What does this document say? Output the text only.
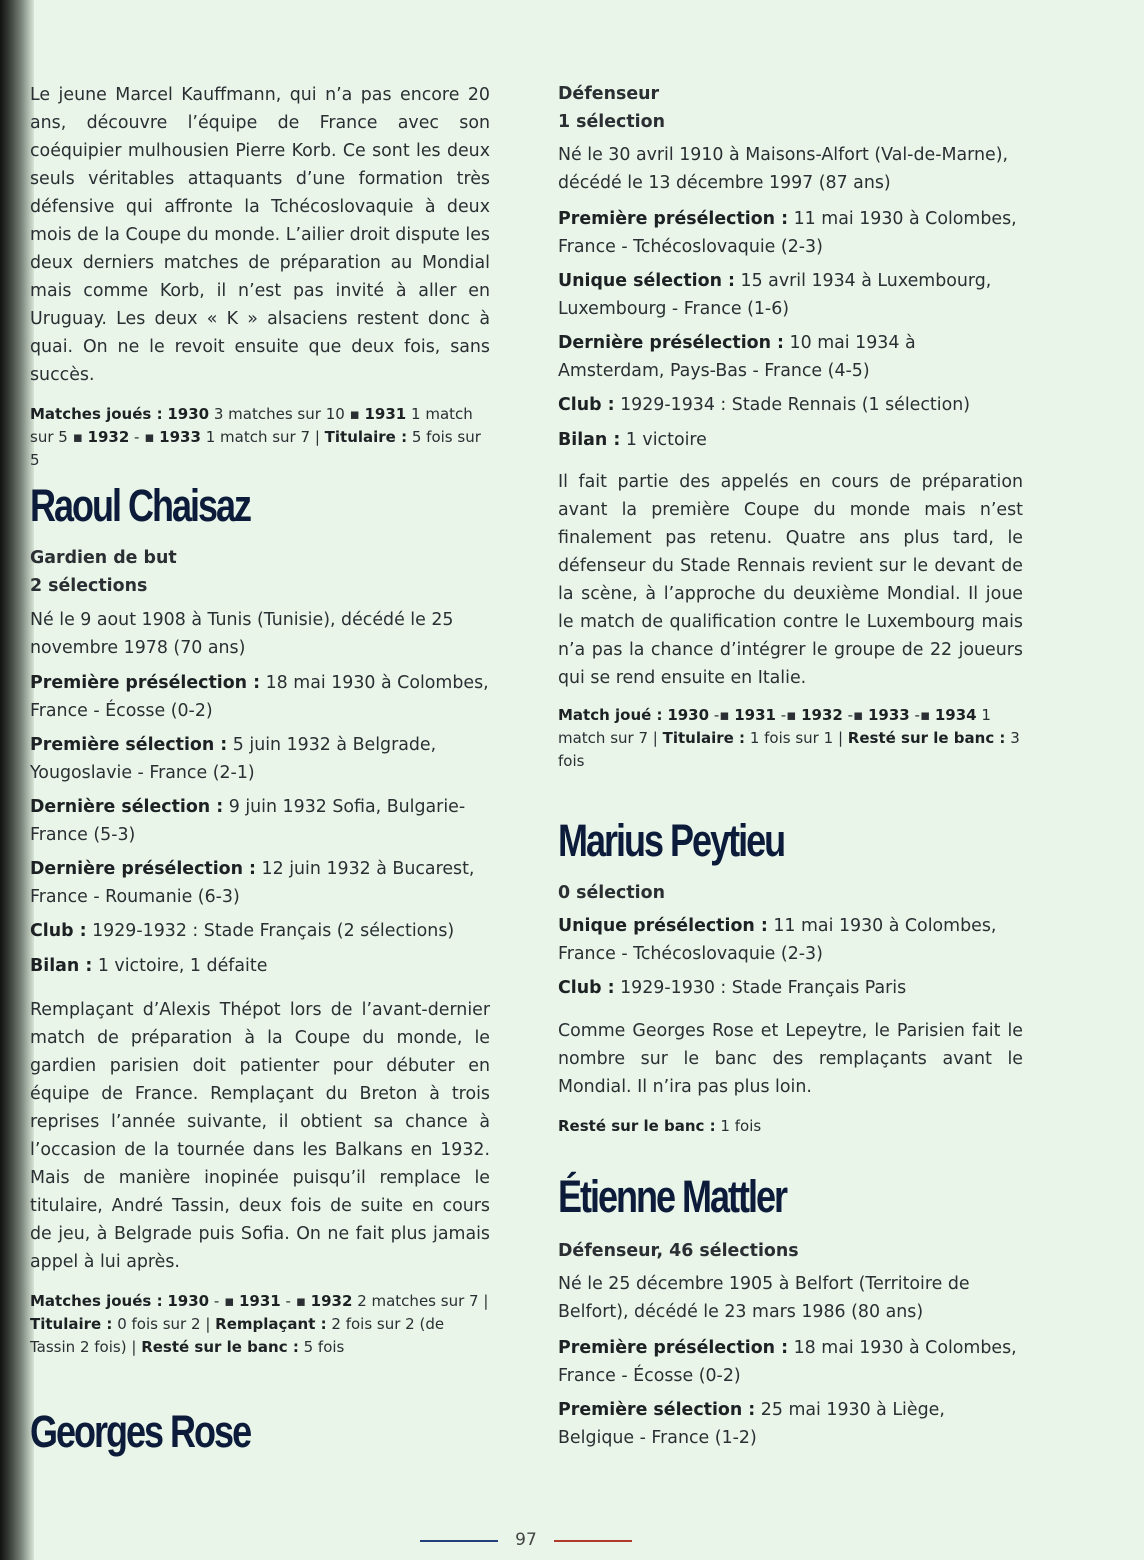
Le jeune Marcel Kauffmann, qui n’a pas encore 20 ans, découvre l’équipe de France avec son coéquipier mulhousien Pierre Korb. Ce sont les deux seuls véritables attaquants d’une formation très défensive qui affronte la Tchécoslovaquie à deux mois de la Coupe du monde. L’ailier droit dispute les deux derniers matches de préparation au Mondial mais comme Korb, il n’est pas invité à aller en Uruguay. Les deux « K » alsaciens restent donc à quai. On ne le revoit ensuite que deux fois, sans succès.

Matches joués : 1930 3 matches sur 10 ▪ 1931 1 match sur 5 ▪ 1932 - ▪ 1933 1 match sur 7 | Titulaire : 5 fois sur 5

Raoul Chaisaz

Gardien de but

2 sélections

Né le 9 aout 1908 à Tunis (Tunisie), décédé le 25 novembre 1978 (70 ans)

Première présélection : 18 mai 1930 à Colombes, France - Écosse (0-2)

Première sélection : 5 juin 1932 à Belgrade, Yougoslavie - France (2-1)

Dernière sélection : 9 juin 1932 Sofia, Bulgarie-France (5-3)

Dernière présélection : 12 juin 1932 à Bucarest, France - Roumanie (6-3)

Club : 1929-1932 : Stade Français (2 sélections)

Bilan : 1 victoire, 1 défaite

Remplaçant d’Alexis Thépot lors de l’avant-dernier match de préparation à la Coupe du monde, le gardien parisien doit patienter pour débuter en équipe de France. Remplaçant du Breton à trois reprises l’année suivante, il obtient sa chance à l’occasion de la tournée dans les Balkans en 1932. Mais de manière inopinée puisqu’il remplace le titulaire, André Tassin, deux fois de suite en cours de jeu, à Belgrade puis Sofia. On ne fait plus jamais appel à lui après.

Matches joués : 1930 - ▪ 1931 - ▪ 1932 2 matches sur 7 | Titulaire : 0 fois sur 2 | Remplaçant : 2 fois sur 2 (de Tassin 2 fois) | Resté sur le banc : 5 fois

Georges Rose

Défenseur

1 sélection

Né le 30 avril 1910 à Maisons-Alfort (Val-de-Marne), décédé le 13 décembre 1997 (87 ans)

Première présélection : 11 mai 1930 à Colombes, France - Tchécoslovaquie (2-3)

Unique sélection : 15 avril 1934 à Luxembourg, Luxembourg - France (1-6)

Dernière présélection : 10 mai 1934 à Amsterdam, Pays-Bas - France (4-5)

Club : 1929-1934 : Stade Rennais (1 sélection)

Bilan : 1 victoire

Il fait partie des appelés en cours de préparation avant la première Coupe du monde mais n’est finalement pas retenu. Quatre ans plus tard, le défenseur du Stade Rennais revient sur le devant de la scène, à l’approche du deuxième Mondial. Il joue le match de qualification contre le Luxembourg mais n’a pas la chance d’intégrer le groupe de 22 joueurs qui se rend ensuite en Italie.

Match joué : 1930 -▪ 1931 -▪ 1932 -▪ 1933 -▪ 1934 1 match sur 7 | Titulaire : 1 fois sur 1 | Resté sur le banc : 3 fois

Marius Peytieu

0 sélection

Unique présélection : 11 mai 1930 à Colombes, France - Tchécoslovaquie (2-3)

Club : 1929-1930 : Stade Français Paris

Comme Georges Rose et Lepeytre, le Parisien fait le nombre sur le banc des remplaçants avant le Mondial. Il n’ira pas plus loin.

Resté sur le banc : 1 fois

Étienne Mattler

Défenseur, 46 sélections

Né le 25 décembre 1905 à Belfort (Territoire de Belfort), décédé le 23 mars 1986 (80 ans)

Première présélection : 18 mai 1930 à Colombes, France - Écosse (0-2)

Première sélection : 25 mai 1930 à Liège, Belgique - France (1-2)

97
